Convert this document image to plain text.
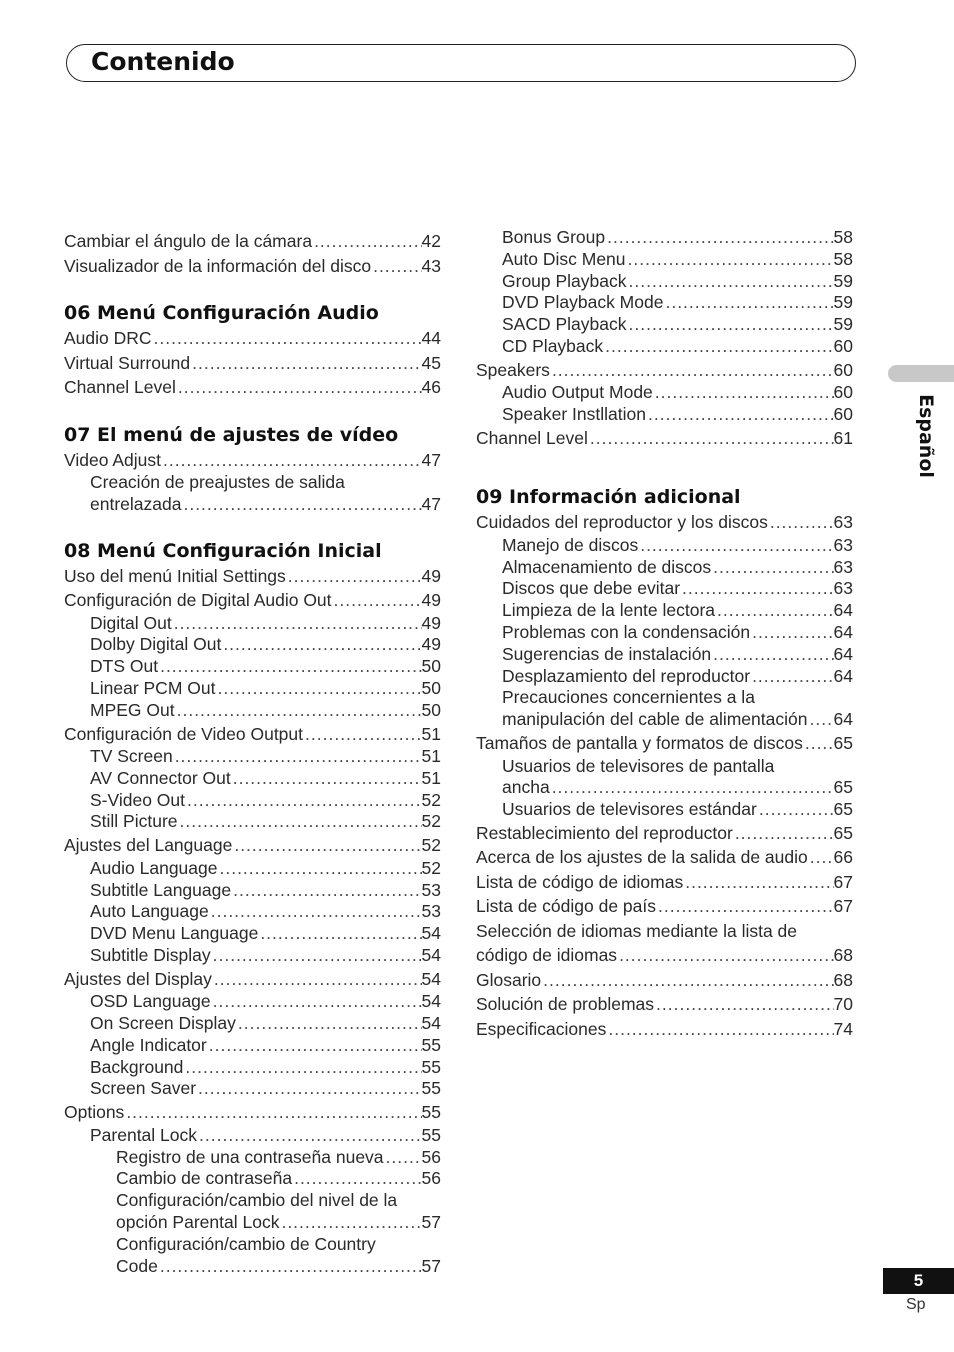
Contenido
Español
Cambiar el ángulo de la cámara .....	42
Visualizador de la información del disco .....	43
06 Menú Configuración Audio
Audio DRC .....	44
Virtual Surround .....	45
Channel Level .....	46
07 El menú de ajustes de vídeo
Video Adjust .....	47
Creación de preajustes de salida
entrelazada .....	47
08 Menú Configuración Inicial
Uso del menú Initial Settings .....	49
Configuración de Digital Audio Out .....	49
Digital Out .....	49
Dolby Digital Out .....	49
DTS Out .....	50
Linear PCM Out .....	50
MPEG Out .....	50
Configuración de Video Output .....	51
TV Screen .....	51
AV Connector Out .....	51
S-Video Out .....	52
Still Picture .....	52
Ajustes del Language .....	52
Audio Language .....	52
Subtitle Language .....	53
Auto Language .....	53
DVD Menu Language .....	54
Subtitle Display .....	54
Ajustes del Display .....	54
OSD Language .....	54
On Screen Display .....	54
Angle Indicator .....	55
Background .....	55
Screen Saver .....	55
Options .....	55
Parental Lock .....	55
Registro de una contraseña nueva ..... 56
Cambio de contraseña .....	56
Configuración/cambio del nivel de la
opción Parental Lock .....	57
Configuración/cambio de Country
Code .....	57
Bonus Group .....	58
Auto Disc Menu .....	58
Group Playback .....	59
DVD Playback Mode .....	59
SACD Playback .....	59
CD Playback .....	60
Speakers .....	60
Audio Output Mode .....	60
Speaker Instllation .....	60
Channel Level .....	61
09 Información adicional
Cuidados del reproductor y los discos .....	63
Manejo de discos .....	63
Almacenamiento de discos .....	63
Discos que debe evitar .....	63
Limpieza de la lente lectora .....	64
Problemas con la condensación .....	64
Sugerencias de instalación .....	64
Desplazamiento del reproductor .....	64
Precauciones concernientes a la
manipulación del cable de alimentación ..... 64
Tamaños de pantalla y formatos de discos ..... 65
Usuarios de televisores de pantalla
ancha .....	65
Usuarios de televisores estándar .....	65
Restablecimiento del reproductor .....	65
Acerca de los ajustes de la salida de audio ..... 66
Lista de código de idiomas .....	67
Lista de código de país .....	67
Selección de idiomas mediante la lista de
código de idiomas .....	68
Glosario .....	68
Solución de problemas .....	70
Especificaciones .....	74
5
Sp
